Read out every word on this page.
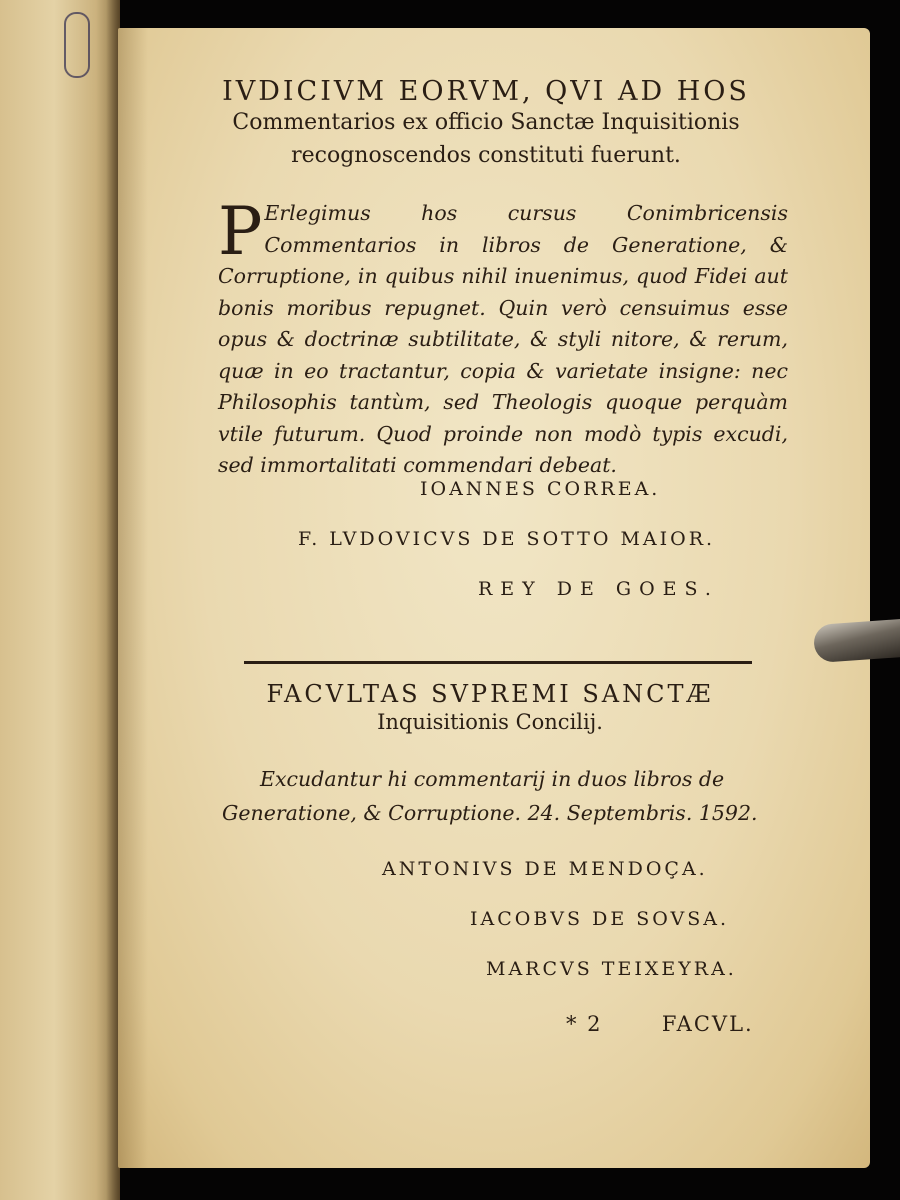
IVDICIVM EORVM, QVI AD HOS
Commentarios ex officio Sanctæ Inquisitionis
recognoscendos constituti fuerunt.
P Erlegimus hos cursus Conimbricensis Commentarios in libros de Generatione, & Corruptione, in quibus nihil inuenimus, quod Fidei aut bonis moribus repugnet. Quin verò censuimus esse opus & doctrinæ subtilitate, & styli nitore, & rerum, quæ in eo tractantur, copia & varietate insigne: nec Philosophis tantùm, sed Theologis quoque perquàm vtile futurum. Quod proinde non modò typis excudi, sed immortalitati commendari debeat.
IOANNES CORREA.
F. LVDOVICVS DE SOTTO MAIOR.
REY DE GOES.
FACVLTAS SVPREMI SANCTÆ
Inquisitionis Concilij.
Excudantur hi commentarij in duos libros de Generatione, & Corruptione. 24. Septembris. 1592.
ANTONIVS DE MENDOÇA.
IACOBVS DE SOVSA.
MARCVS TEIXEYRA.
* 2	FACVL.
